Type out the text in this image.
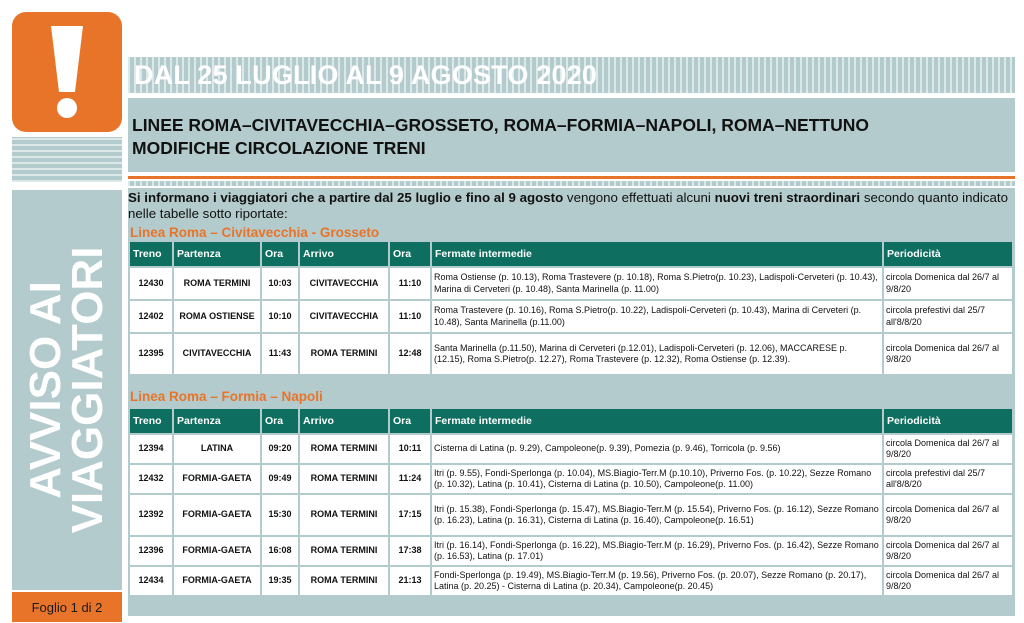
AVVISO AI
VIAGGIATORI
Foglio 1 di 2
DAL 25 LUGLIO AL 9 AGOSTO 2020
LINEE ROMA–CIVITAVECCHIA–GROSSETO, ROMA–FORMIA–NAPOLI, ROMA–NETTUNO
MODIFICHE CIRCOLAZIONE TRENI
Si informano i viaggiatori che a partire dal 25 luglio e fino al 9 agosto vengono effettuati alcuni nuovi treni straordinari secondo quanto indicato nelle tabelle sotto riportate:
Linea Roma – Civitavecchia - Grosseto
Treno	Partenza	Ora	Arrivo	Ora	Fermate intermedie	Periodicità
12430	ROMA TERMINI	10:03	CIVITAVECCHIA	11:10	Roma Ostiense (p. 10.13), Roma Trastevere (p. 10.18), Roma S.Pietro(p. 10.23), Ladispoli-Cerveteri (p. 10.43), Marina di Cerveteri (p. 10.48), Santa Marinella (p. 11.00)	circola Domenica dal 26/7 al 9/8/20
12402	ROMA OSTIENSE	10:10	CIVITAVECCHIA	11:10	Roma Trastevere (p. 10.16), Roma S.Pietro(p. 10.22), Ladispoli-Cerveteri (p. 10.43), Marina di Cerveteri (p. 10.48), Santa Marinella (p.11.00)	circola prefestivi dal 25/7 all'8/8/20
12395	CIVITAVECCHIA	11:43	ROMA TERMINI	12:48	Santa Marinella (p.11.50), Marina di Cerveteri (p.12.01), Ladispoli-Cerveteri (p. 12.06), MACCARESE p. (12.15), Roma S.Pietro(p. 12.27), Roma Trastevere (p. 12.32), Roma Ostiense (p. 12.39).	circola Domenica dal 26/7 al 9/8/20
Linea Roma – Formia – Napoli
Treno	Partenza	Ora	Arrivo	Ora	Fermate intermedie	Periodicità
12394	LATINA	09:20	ROMA TERMINI	10:11	Cisterna di Latina (p. 9.29), Campoleone(p. 9.39), Pomezia (p. 9.46), Torricola (p. 9.56)	circola Domenica dal 26/7 al 9/8/20
12432	FORMIA-GAETA	09:49	ROMA TERMINI	11:24	Itri (p. 9.55), Fondi-Sperlonga (p. 10.04), MS.Biagio-Terr.M (p.10.10), Priverno Fos. (p. 10.22), Sezze Romano (p. 10.32), Latina (p. 10.41), Cisterna di Latina (p. 10.50), Campoleone(p. 11.00)	circola prefestivi dal 25/7 all'8/8/20
12392	FORMIA-GAETA	15:30	ROMA TERMINI	17:15	Itri (p. 15.38), Fondi-Sperlonga (p. 15.47), MS.Biagio-Terr.M (p. 15.54), Priverno Fos. (p. 16.12), Sezze Romano (p. 16.23), Latina (p. 16.31), Cisterna di Latina (p. 16.40), Campoleone(p. 16.51)	circola Domenica dal 26/7 al 9/8/20
12396	FORMIA-GAETA	16:08	ROMA TERMINI	17:38	Itri (p. 16.14), Fondi-Sperlonga (p. 16.22), MS.Biagio-Terr.M (p. 16.29), Priverno Fos. (p. 16.42), Sezze Romano (p. 16.53), Latina (p. 17.01)	circola Domenica dal 26/7 al 9/8/20
12434	FORMIA-GAETA	19:35	ROMA TERMINI	21:13	Fondi-Sperlonga (p. 19.49), MS.Biagio-Terr.M (p. 19.56), Priverno Fos. (p. 20.07), Sezze Romano (p. 20.17), Latina (p. 20.25) - Cisterna di Latina (p. 20.34), Campoleone(p. 20.45)	circola Domenica dal 26/7 al 9/8/20
